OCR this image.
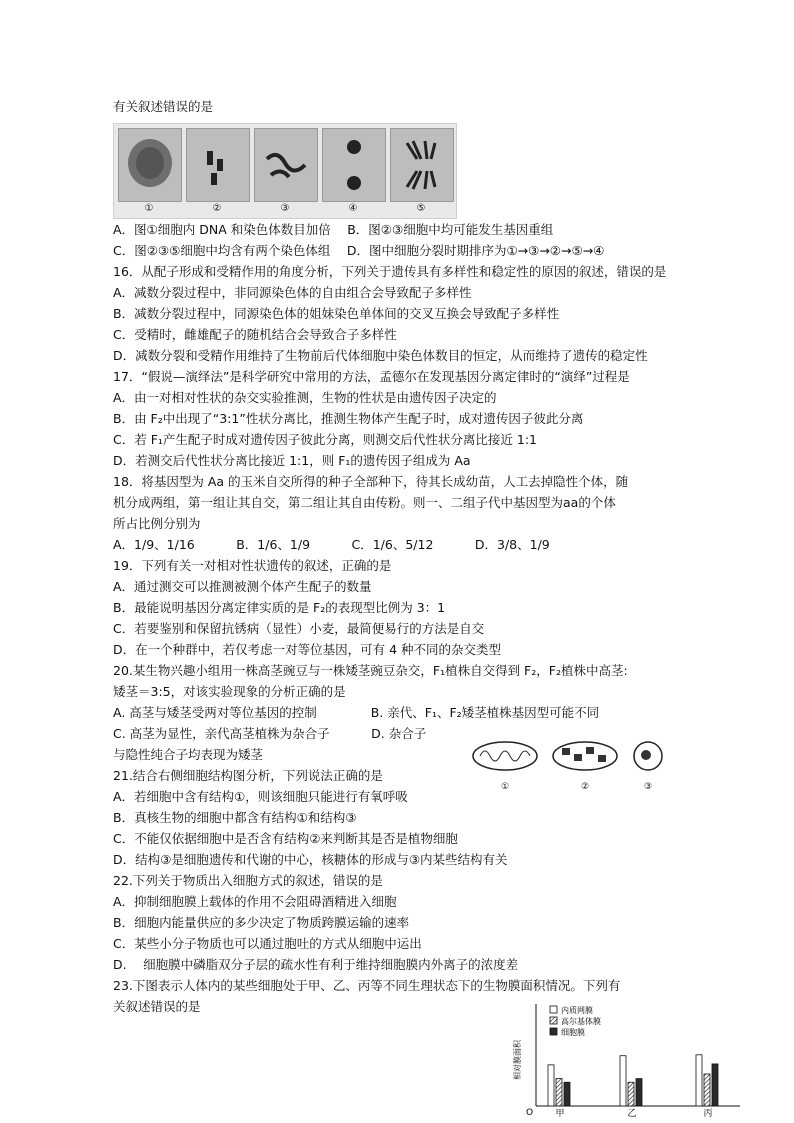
有关叙述错误的是
A．图①细胞内 DNA 和染色体数目加倍 　B．图②③细胞中均可能发生基因重组
C．图②③⑤细胞中均含有两个染色体组 　D．图中细胞分裂时期排序为①→③→②→⑤→④
16．从配子形成和受精作用的角度分析，下列关于遗传具有多样性和稳定性的原因的叙述，错误的是
A．减数分裂过程中，非同源染色体的自由组合会导致配子多样性
B．减数分裂过程中，同源染色体的姐妹染色单体间的交叉互换会导致配子多样性
C．受精时，雌雄配子的随机结合会导致合子多样性
D．减数分裂和受精作用维持了生物前后代体细胞中染色体数目的恒定，从而维持了遗传的稳定性
17．“假说—演绎法”是科学研究中常用的方法，孟德尔在发现基因分离定律时的“演绎”过程是
A．由一对相对性状的杂交实验推测，生物的性状是由遗传因子决定的
B．由 F₂中出现了“3:1”性状分离比，推测生物体产生配子时，成对遗传因子彼此分离
C．若 F₁产生配子时成对遗传因子彼此分离，则测交后代性状分离比接近 1:1
D．若测交后代性状分离比接近 1:1，则 F₁的遗传因子组成为 Aa
18．将基因型为 Aa 的玉米自交所得的种子全部种下，待其长成幼苗，人工去掉隐性个体，随
机分成两组，第一组让其自交，第二组让其自由传粉。则一、二组子代中基因型为aa的个体
所占比例分别为
A．1/9、1/16 　　　B．1/6、1/9 　　　C．1/6、5/12 　　　D．3/8、1/9
19．下列有关一对相对性状遗传的叙述，正确的是
A．通过测交可以推测被测个体产生配子的数量
B．最能说明基因分离定律实质的是 F₂的表现型比例为 3：1
C．若要鉴别和保留抗锈病（显性）小麦，最简便易行的方法是自交
D．在一个种群中，若仅考虑一对等位基因，可有 4 种不同的杂交类型
20.某生物兴趣小组用一株高茎豌豆与一株矮茎豌豆杂交，F₁植株自交得到 F₂，F₂植株中高茎:
矮茎＝3:5，对该实验现象的分析正确的是
A. 高茎与矮茎受两对等位基因的控制 　　　　B. 亲代、F₁、F₂矮茎植株基因型可能不同
C. 高茎为显性，亲代高茎植株为杂合子 　　　D. 杂合子
与隐性纯合子均表现为矮茎
21.结合右侧细胞结构图分析，下列说法正确的是
A．若细胞中含有结构①，则该细胞只能进行有氧呼吸
B．真核生物的细胞中都含有结构①和结构③
C．不能仅依据细胞中是否含有结构②来判断其是否是植物细胞
D．结构③是细胞遗传和代谢的中心，核糖体的形成与③内某些结构有关
22.下列关于物质出入细胞方式的叙述，错误的是
A．抑制细胞膜上载体的作用不会阻碍酒精进入细胞
B．细胞内能量供应的多少决定了物质跨膜运输的速率
C．某些小分子物质也可以通过胞吐的方式从细胞中运出
D. 　细胞膜中磷脂双分子层的疏水性有利于维持细胞膜内外离子的浓度差
23.下图表示人体内的某些细胞处于甲、乙、丙等不同生理状态下的生物膜面积情况。下列有
关叙述错误的是
①	②	③	④	⑤
①	②	③
相对膜面积
O 甲	乙	丙
内质网膜
高尔基体膜
细胞膜
